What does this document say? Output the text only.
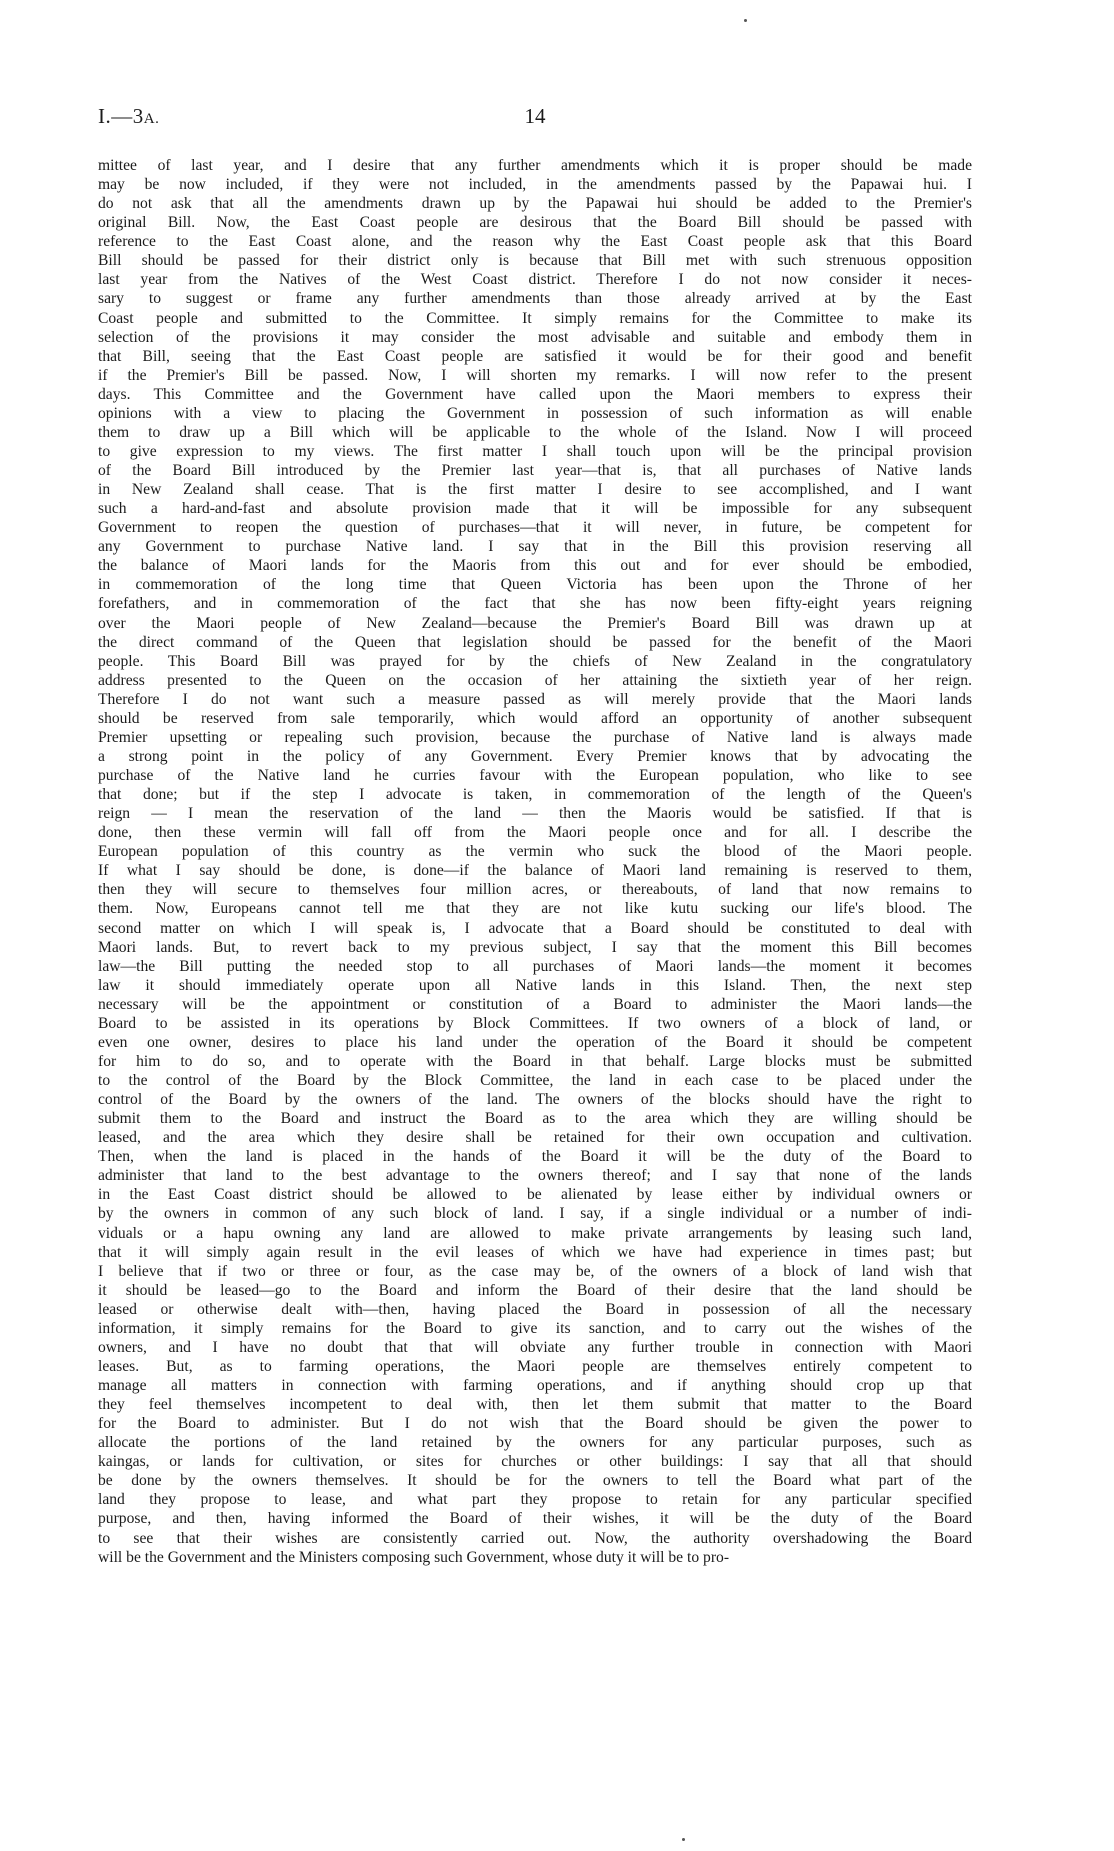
I.—3A.	14
mittee of last year, and I desire that any further amendments which it is proper should be made
may be now included, if they were not included, in the amendments passed by the Papawai hui. I
do not ask that all the amendments drawn up by the Papawai hui should be added to the Premier's
original Bill. Now, the East Coast people are desirous that the Board Bill should be passed with
reference to the East Coast alone, and the reason why the East Coast people ask that this Board
Bill should be passed for their district only is because that Bill met with such strenuous opposition
last year from the Natives of the West Coast district. Therefore I do not now consider it neces-
sary to suggest or frame any further amendments than those already arrived at by the East
Coast people and submitted to the Committee. It simply remains for the Committee to make its
selection of the provisions it may consider the most advisable and suitable and embody them in
that Bill, seeing that the East Coast people are satisfied it would be for their good and benefit
if the Premier's Bill be passed. Now, I will shorten my remarks. I will now refer to the present
days. This Committee and the Government have called upon the Maori members to express their
opinions with a view to placing the Government in possession of such information as will enable
them to draw up a Bill which will be applicable to the whole of the Island. Now I will proceed
to give expression to my views. The first matter I shall touch upon will be the principal provision
of the Board Bill introduced by the Premier last year—that is, that all purchases of Native lands
in New Zealand shall cease. That is the first matter I desire to see accomplished, and I want
such a hard-and-fast and absolute provision made that it will be impossible for any subsequent
Government to reopen the question of purchases—that it will never, in future, be competent for
any Government to purchase Native land. I say that in the Bill this provision reserving all
the balance of Maori lands for the Maoris from this out and for ever should be embodied,
in commemoration of the long time that Queen Victoria has been upon the Throne of her
forefathers, and in commemoration of the fact that she has now been fifty-eight years reigning
over the Maori people of New Zealand—because the Premier's Board Bill was drawn up at
the direct command of the Queen that legislation should be passed for the benefit of the Maori
people. This Board Bill was prayed for by the chiefs of New Zealand in the congratulatory
address presented to the Queen on the occasion of her attaining the sixtieth year of her reign.
Therefore I do not want such a measure passed as will merely provide that the Maori lands
should be reserved from sale temporarily, which would afford an opportunity of another subsequent
Premier upsetting or repealing such provision, because the purchase of Native land is always made
a strong point in the policy of any Government. Every Premier knows that by advocating the
purchase of the Native land he curries favour with the European population, who like to see
that done; but if the step I advocate is taken, in commemoration of the length of the Queen's
reign — I mean the reservation of the land — then the Maoris would be satisfied. If that is
done, then these vermin will fall off from the Maori people once and for all. I describe the
European population of this country as the vermin who suck the blood of the Maori people.
If what I say should be done, is done—if the balance of Maori land remaining is reserved to them,
then they will secure to themselves four million acres, or thereabouts, of land that now remains to
them. Now, Europeans cannot tell me that they are not like kutu sucking our life's blood. The
second matter on which I will speak is, I advocate that a Board should be constituted to deal with
Maori lands. But, to revert back to my previous subject, I say that the moment this Bill becomes
law—the Bill putting the needed stop to all purchases of Maori lands—the moment it becomes
law it should immediately operate upon all Native lands in this Island. Then, the next step
necessary will be the appointment or constitution of a Board to administer the Maori lands—the
Board to be assisted in its operations by Block Committees. If two owners of a block of land, or
even one owner, desires to place his land under the operation of the Board it should be competent
for him to do so, and to operate with the Board in that behalf. Large blocks must be submitted
to the control of the Board by the Block Committee, the land in each case to be placed under the
control of the Board by the owners of the land. The owners of the blocks should have the right to
submit them to the Board and instruct the Board as to the area which they are willing should be
leased, and the area which they desire shall be retained for their own occupation and cultivation.
Then, when the land is placed in the hands of the Board it will be the duty of the Board to
administer that land to the best advantage to the owners thereof; and I say that none of the lands
in the East Coast district should be allowed to be alienated by lease either by individual owners or
by the owners in common of any such block of land. I say, if a single individual or a number of indi-
viduals or a hapu owning any land are allowed to make private arrangements by leasing such land,
that it will simply again result in the evil leases of which we have had experience in times past; but
I believe that if two or three or four, as the case may be, of the owners of a block of land wish that
it should be leased—go to the Board and inform the Board of their desire that the land should be
leased or otherwise dealt with—then, having placed the Board in possession of all the necessary
information, it simply remains for the Board to give its sanction, and to carry out the wishes of the
owners, and I have no doubt that that will obviate any further trouble in connection with Maori
leases. But, as to farming operations, the Maori people are themselves entirely competent to
manage all matters in connection with farming operations, and if anything should crop up that
they feel themselves incompetent to deal with, then let them submit that matter to the Board
for the Board to administer. But I do not wish that the Board should be given the power to
allocate the portions of the land retained by the owners for any particular purposes, such as
kaingas, or lands for cultivation, or sites for churches or other buildings: I say that all that should
be done by the owners themselves. It should be for the owners to tell the Board what part of the
land they propose to lease, and what part they propose to retain for any particular specified
purpose, and then, having informed the Board of their wishes, it will be the duty of the Board
to see that their wishes are consistently carried out. Now, the authority overshadowing the Board
will be the Government and the Ministers composing such Government, whose duty it will be to pro-
